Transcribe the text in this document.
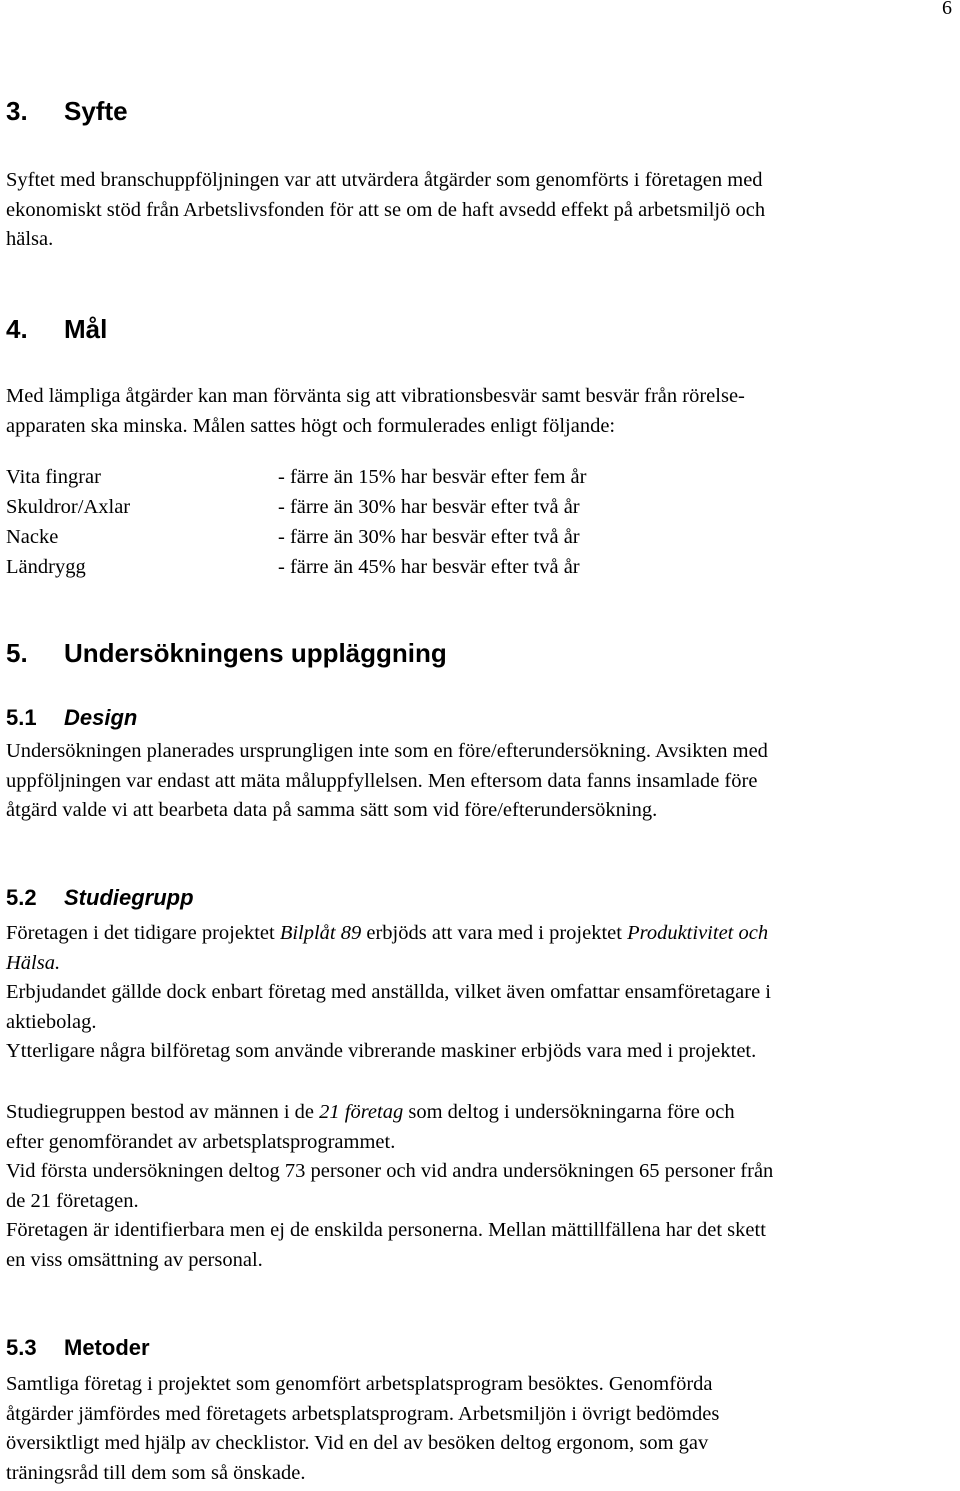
6
3. Syfte
Syftet med branschuppföljningen var att utvärdera åtgärder som genomförts i företagen med
ekonomiskt stöd från Arbetslivsfonden för att se om de haft avsedd effekt på arbetsmiljö och
hälsa.
4. Mål
Med lämpliga åtgärder kan man förvänta sig att vibrationsbesvär samt besvär från rörelse-
apparaten ska minska. Målen sattes högt och formulerades enligt följande:
Vita fingrar	- färre än 15% har besvär efter fem år
Skuldror/Axlar	- färre än 30% har besvär efter två år
Nacke	- färre än 30% har besvär efter två år
Ländrygg	- färre än 45% har besvär efter två år
5. Undersökningens uppläggning
5.1 Design
Undersökningen planerades ursprungligen inte som en före/efterundersökning. Avsikten med
uppföljningen var endast att mäta måluppfyllelsen. Men eftersom data fanns insamlade före
åtgärd valde vi att bearbeta data på samma sätt som vid före/efterundersökning.
5.2 Studiegrupp
Företagen i det tidigare projektet Bilplåt 89 erbjöds att vara med i projektet Produktivitet och
Hälsa.
Erbjudandet gällde dock enbart företag med anställda, vilket även omfattar ensamföretagare i
aktiebolag.
Ytterligare några bilföretag som använde vibrerande maskiner erbjöds vara med i projektet.
Studiegruppen bestod av männen i de 21 företag som deltog i undersökningarna före och
efter genomförandet av arbetsplatsprogrammet.
Vid första undersökningen deltog 73 personer och vid andra undersökningen 65 personer från
de 21 företagen.
Företagen är identifierbara men ej de enskilda personerna. Mellan mättillfällena har det skett
en viss omsättning av personal.
5.3 Metoder
Samtliga företag i projektet som genomfört arbetsplatsprogram besöktes. Genomförda
åtgärder jämfördes med företagets arbetsplatsprogram. Arbetsmiljön i övrigt bedömdes
översiktligt med hjälp av checklistor. Vid en del av besöken deltog ergonom, som gav
träningsråd till dem som så önskade.
